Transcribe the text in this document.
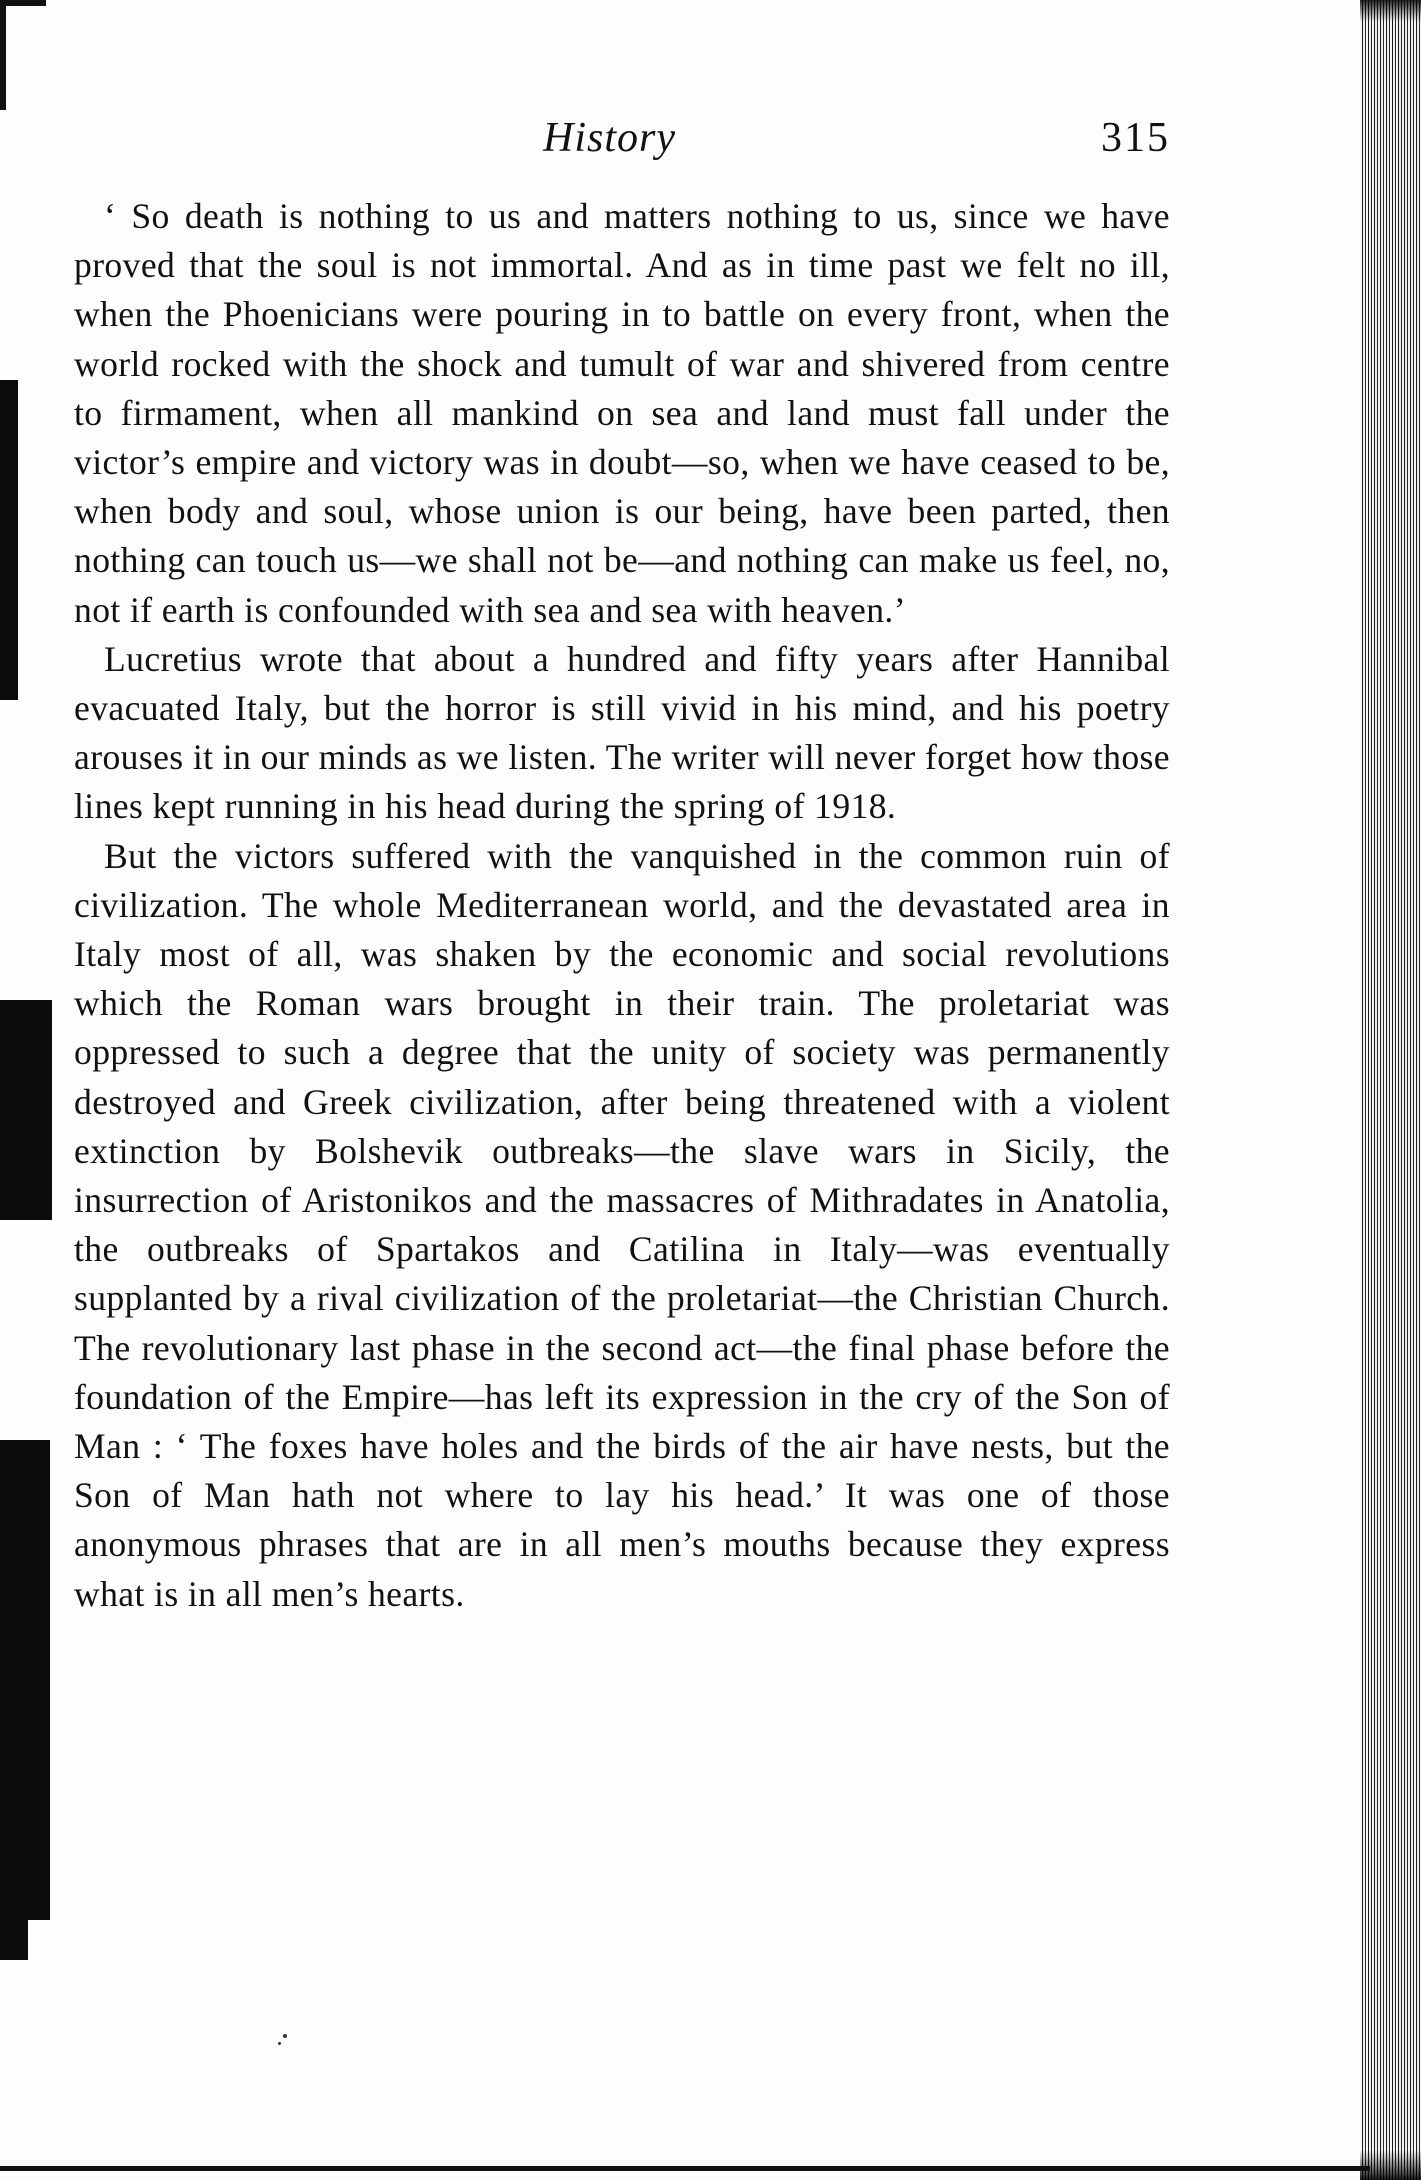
History	315

‘ So death is nothing to us and matters nothing to us, since we have proved that the soul is not immortal. And as in time past we felt no ill, when the Phoenicians were pouring in to battle on every front, when the world rocked with the shock and tumult of war and shivered from centre to firmament, when all mankind on sea and land must fall under the victor’s empire and victory was in doubt—so, when we have ceased to be, when body and soul, whose union is our being, have been parted, then nothing can touch us—we shall not be—and nothing can make us feel, no, not if earth is confounded with sea and sea with heaven.’

Lucretius wrote that about a hundred and fifty years after Hannibal evacuated Italy, but the horror is still vivid in his mind, and his poetry arouses it in our minds as we listen. The writer will never forget how those lines kept running in his head during the spring of 1918.

But the victors suffered with the vanquished in the common ruin of civilization. The whole Mediterranean world, and the devastated area in Italy most of all, was shaken by the economic and social revolutions which the Roman wars brought in their train. The proletariat was oppressed to such a degree that the unity of society was permanently destroyed and Greek civilization, after being threatened with a violent extinction by Bolshevik outbreaks—the slave wars in Sicily, the insurrection of Aristonikos and the massacres of Mithradates in Anatolia, the outbreaks of Spartakos and Catilina in Italy—was eventually supplanted by a rival civilization of the proletariat—the Christian Church. The revolutionary last phase in the second act—the final phase before the foundation of the Empire—has left its expression in the cry of the Son of Man : ‘ The foxes have holes and the birds of the air have nests, but the Son of Man hath not where to lay his head.’ It was one of those anonymous phrases that are in all men’s mouths because they express what is in all men’s hearts.
